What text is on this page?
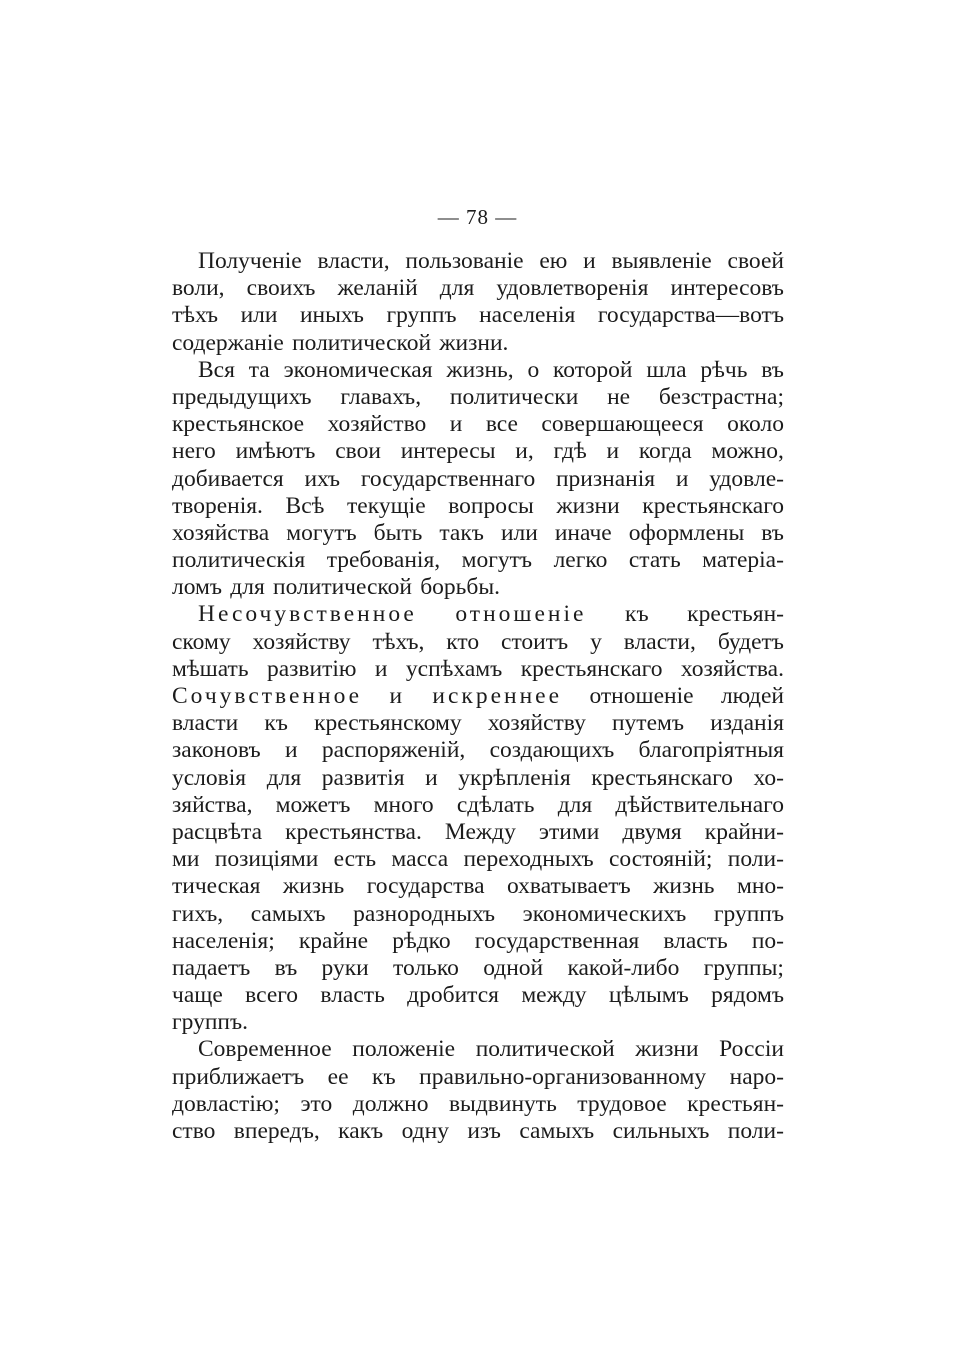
— 78 —
Полученіе власти, пользованіе ею и выявленіе своей
воли, своихъ желаній для удовлетворенія интересовъ
тѣхъ или иныхъ группъ населенія государства—вотъ
содержаніе политической жизни.
Вся та экономическая жизнь, о которой шла рѣчь въ
предыдущихъ главахъ, политически не безстрастна;
крестьянское хозяйство и все совершающееся около
него имѣютъ свои интересы и, гдѣ и когда можно,
добивается ихъ государственнаго признанія и удовле-
творенія. Всѣ текущіе вопросы жизни крестьянскаго
хозяйства могутъ быть такъ или иначе оформлены въ
политическія требованія, могутъ легко стать матеріа-
ломъ для политической борьбы.
Несочувственное отношеніе къ крестьян-
скому хозяйству тѣхъ, кто стоитъ у власти, будетъ
мѣшать развитію и успѣхамъ крестьянскаго хозяйства.
Сочувственное и искреннее отношеніе людей
власти къ крестьянскому хозяйству путемъ изданія
законовъ и распоряженій, создающихъ благопріятныя
условія для развитія и укрѣпленія крестьянскаго хо-
зяйства, можетъ много сдѣлать для дѣйствительнаго
расцвѣта крестьянства. Между этими двумя крайни-
ми позиціями есть масса переходныхъ состояній; поли-
тическая жизнь государства охватываетъ жизнь мно-
гихъ, самыхъ разнородныхъ экономическихъ группъ
населенія; крайне рѣдко государственная власть по-
падаетъ въ руки только одной какой-либо группы;
чаще всего власть дробится между цѣлымъ рядомъ
группъ.
Современное положеніе политической жизни Россіи
приближаетъ ее къ правильно-организованному наро-
довластію; это должно выдвинуть трудовое крестьян-
ство впередъ, какъ одну изъ самыхъ сильныхъ поли-
